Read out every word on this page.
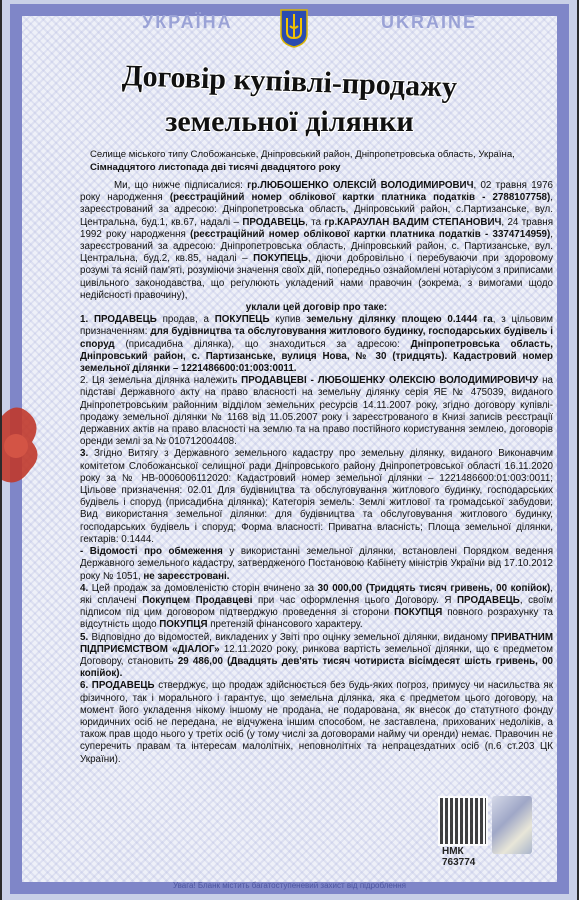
УКРАЇНА	UKRAINE
Договір купівлі-продажу
земельної ділянки
Селище міського типу Слобожанське, Дніпровський район, Дніпропетровська область, Україна,
Сімнадцятого листопада дві тисячі двадцятого року

Ми, що нижче підписалися: гр.ЛЮБОШЕНКО ОЛЕКСІЙ ВОЛОДИМИРОВИЧ, 02 травня 1976 року народження (реєстраційний номер облікової картки платника податків - 2788107758), зареєстрований за адресою: Дніпропетровська область, Дніпровський район, с.Партизанське, вул. Центральна, буд.1, кв.67, надалі – ПРОДАВЕЦЬ, та гр.КАРАУЛАН ВАДИМ СТЕПАНОВИЧ, 24 травня 1992 року народження (реєстраційний номер облікової картки платника податків - 3374714959), зареєстрований за адресою: Дніпропетровська область, Дніпровський район, с. Партизанське, вул. Центральна, буд.2, кв.85, надалі – ПОКУПЕЦЬ, діючи добровільно і перебуваючи при здоровому розумі та ясній пам'яті, розуміючи значення своїх дій, попередньо ознайомлені нотаріусом з приписами цивільного законодавства, що регулюють укладений нами правочин (зокрема, з вимогами щодо недійсності правочину),

уклали цей договір про таке:

1. ПРОДАВЕЦЬ продав, а ПОКУПЕЦЬ купив земельну ділянку площею 0.1444 га, з цільовим призначенням: для будівництва та обслуговування житлового будинку, господарських будівель і споруд (присадибна ділянка), що знаходиться за адресою: Дніпропетровська область, Дніпровський район, с. Партизанське, вулиця Нова, № 30 (тридцять). Кадастровий номер земельної ділянки – 1221486600:01:003:0011.

2. Ця земельна ділянка належить ПРОДАВЦЕВІ - ЛЮБОШЕНКУ ОЛЕКСІЮ ВОЛОДИМИРОВИЧУ на підставі Державного акту на право власності на земельну ділянку серія ЯЕ № 475039, виданого Дніпропетровським районним відділом земельних ресурсів 14.11.2007 року, згідно договору купівлі-продажу земельної ділянки № 1168 від 11.05.2007 року і зареєстрованого в Книзі записів реєстрації державних актів на право власності на землю та на право постійного користування землею, договорів оренди землі за № 010712004408.

3. Згідно Витягу з Державного земельного кадастру про земельну ділянку, виданого Виконавчим комітетом Слобожанської селищної ради Дніпровського району Дніпропетровської області 16.11.2020 року за № НВ-0006006112020: Кадастровий номер земельної ділянки – 1221486600:01:003:0011; Цільове призначення: 02.01 Для будівництва та обслуговування житлового будинку, господарських будівель і споруд (присадибна ділянка); Категорія земель: Землі житлової та громадської забудови; Вид використання земельної ділянки: для будівництва та обслуговування житлового будинку, господарських будівель і споруд; Форма власності: Приватна власність; Площа земельної ділянки, гектарів: 0.1444.

- Відомості про обмеження у використанні земельної ділянки, встановлені Порядком ведення Державного земельного кадастру, затвердженого Постановою Кабінету міністрів України від 17.10.2012 року № 1051, не зареєстровані.

4. Цей продаж за домовленістю сторін вчинено за 30 000,00 (Тридцять тисяч гривень, 00 копійок), які сплачені Покупцем Продавцеві при час оформлення цього Договору. Я ПРОДАВЕЦЬ, своїм підписом під цим договором підтверджую проведення зі сторони ПОКУПЦЯ повного розрахунку та відсутність щодо ПОКУПЦЯ претензій фінансового характеру.

5. Відповідно до відомостей, викладених у Звіті про оцінку земельної ділянки, виданому ПРИВАТНИМ ПІДПРИЄМСТВОМ «ДІАЛОГ» 12.11.2020 року, ринкова вартість земельної ділянки, що є предметом Договору, становить 29 486,00 (Двадцять дев'ять тисяч чотириста вісімдесят шість гривень, 00 копійок).

6. ПРОДАВЕЦЬ стверджує, що продаж здійснюється без будь-яких погроз, примусу чи насильства як фізичного, так і морального і гарантує, що земельна ділянка, яка є предметом цього договору, на момент його укладення нікому іншому не продана, не подарована, як внесок до статутного фонду юридичних осіб не передана, не відчужена іншим способом, не заставлена, прихованих недоліків, а також прав щодо нього у третіх осіб (у тому числі за договорами найму чи оренди) немає. Правочин не суперечить правам та інтересам малолітніх, неповнолітніх та непрацездатних осіб (п.6 ст.203 ЦК України).

НМК
763774
Увага! Бланк містить багатоступеневий захист від підроблення
